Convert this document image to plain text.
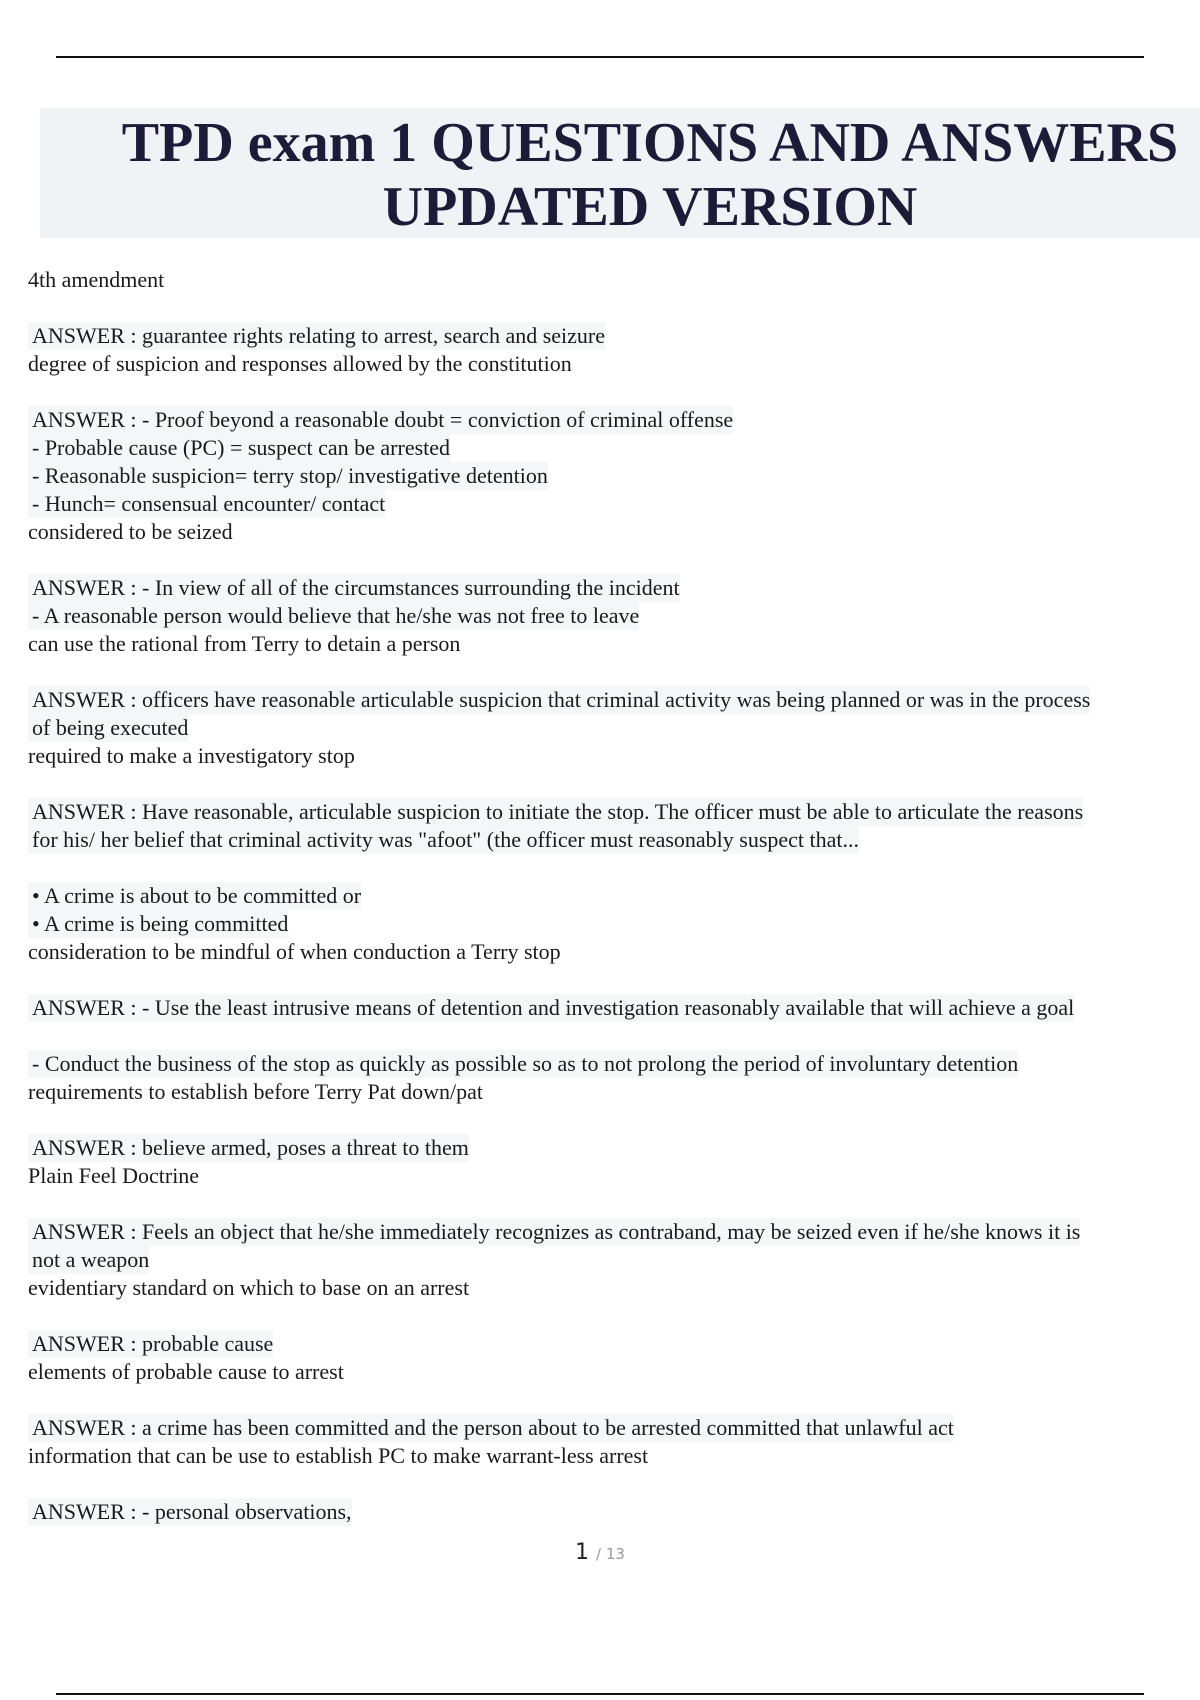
TPD exam 1 QUESTIONS AND ANSWERS
UPDATED VERSION
4th amendment
ANSWER : guarantee rights relating to arrest, search and seizure
degree of suspicion and responses allowed by the constitution
ANSWER : - Proof beyond a reasonable doubt = conviction of criminal offense
- Probable cause (PC) = suspect can be arrested
- Reasonable suspicion= terry stop/ investigative detention
- Hunch= consensual encounter/ contact
considered to be seized
ANSWER : - In view of all of the circumstances surrounding the incident
- A reasonable person would believe that he/she was not free to leave
can use the rational from Terry to detain a person
ANSWER : officers have reasonable articulable suspicion that criminal activity was being planned or was in the process
of being executed
required to make a investigatory stop
ANSWER : Have reasonable, articulable suspicion to initiate the stop. The officer must be able to articulate the reasons
for his/ her belief that criminal activity was "afoot" (the officer must reasonably suspect that...
• A crime is about to be committed or
• A crime is being committed
consideration to be mindful of when conduction a Terry stop
ANSWER : - Use the least intrusive means of detention and investigation reasonably available that will achieve a goal
- Conduct the business of the stop as quickly as possible so as to not prolong the period of involuntary detention
requirements to establish before Terry Pat down/pat
ANSWER : believe armed, poses a threat to them
Plain Feel Doctrine
ANSWER : Feels an object that he/she immediately recognizes as contraband, may be seized even if he/she knows it is
not a weapon
evidentiary standard on which to base on an arrest
ANSWER : probable cause
elements of probable cause to arrest
ANSWER : a crime has been committed and the person about to be arrested committed that unlawful act
information that can be use to establish PC to make warrant-less arrest
ANSWER : - personal observations,
1 / 13
